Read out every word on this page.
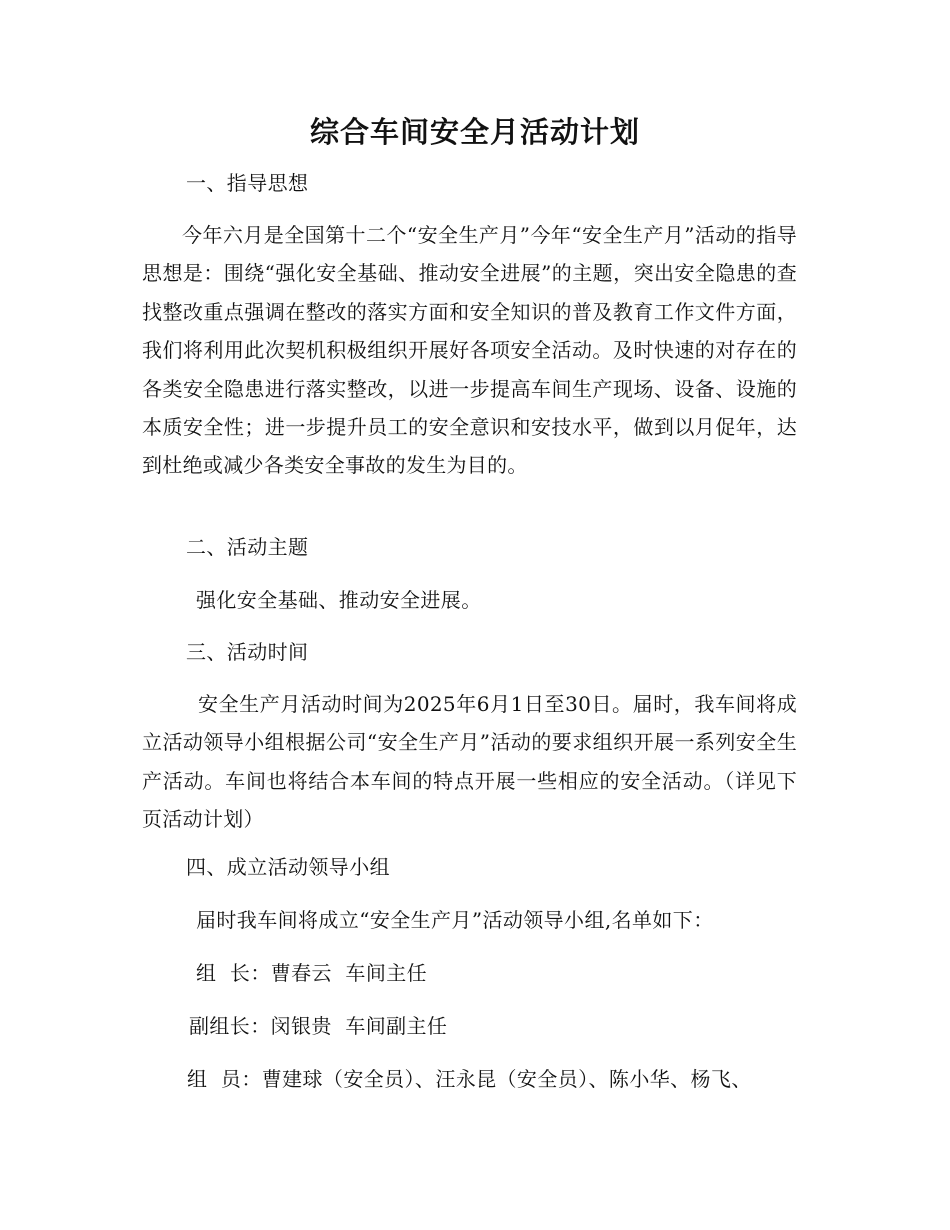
综合车间安全月活动计划

一、指导思想

今年六月是全国第十二个“安全生产月”今年“安全生产月”活动的指导思想是：围绕“强化安全基础、推动安全进展”的主题，突出安全隐患的查找整改重点强调在整改的落实方面和安全知识的普及教育工作文件方面，我们将利用此次契机积极组织开展好各项安全活动。及时快速的对存在的各类安全隐患进行落实整改，以进一步提高车间生产现场、设备、设施的本质安全性；进一步提升员工的安全意识和安技水平，做到以月促年，达到杜绝或减少各类安全事故的发生为目的。

二、活动主题

强化安全基础、推动安全进展。

三、活动时间

安全生产月活动时间为2025年6月1日至30日。届时，我车间将成立活动领导小组根据公司“安全生产月”活动的要求组织开展一系列安全生产活动。车间也将结合本车间的特点开展一些相应的安全活动。（详见下页活动计划）

四、成立活动领导小组

届时我车间将成立“安全生产月”活动领导小组,名单如下：

组  长：曹春云  车间主任

副组长：闵银贵  车间副主任

组  员：曹建球（安全员）、汪永昆（安全员）、陈小华、杨飞、
